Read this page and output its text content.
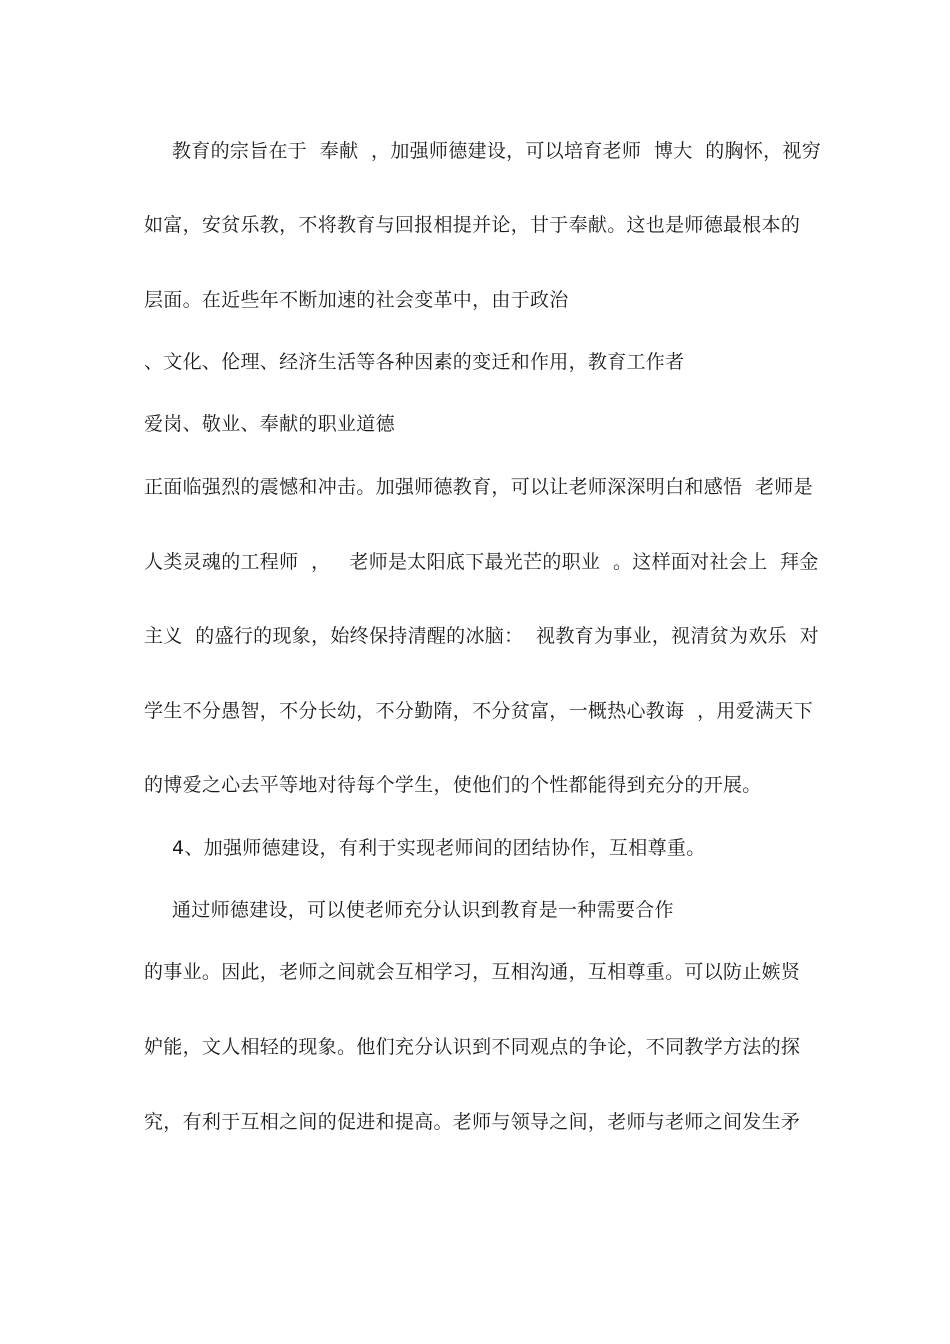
教育的宗旨在于  奉献  ，加强师德建设，可以培育老师  博大  的胸怀，视穷
如富，安贫乐教，不将教育与回报相提并论，甘于奉献。这也是师德最根本的
层面。在近些年不断加速的社会变革中，由于政治
、文化、伦理、经济生活等各种因素的变迁和作用，教育工作者
爱岗、敬业、奉献的职业道德
正面临强烈的震憾和冲击。加强师德教育，可以让老师深深明白和感悟  老师是
人类灵魂的工程师  ，   老师是太阳底下最光芒的职业  。这样面对社会上  拜金
主义  的盛行的现象，始终保持清醒的冰脑：  视教育为事业，视清贫为欢乐  对
学生不分愚智，不分长幼，不分勤隋，不分贫富，一概热心教诲  ，用爱满天下
的博爱之心去平等地对待每个学生，使他们的个性都能得到充分的开展。
4、加强师德建设，有利于实现老师间的团结协作，互相尊重。
通过师德建设，可以使老师充分认识到教育是一种需要合作
的事业。因此，老师之间就会互相学习，互相沟通，互相尊重。可以防止嫉贤
妒能，文人相轻的现象。他们充分认识到不同观点的争论，不同教学方法的探
究，有利于互相之间的促进和提高。老师与领导之间，老师与老师之间发生矛
